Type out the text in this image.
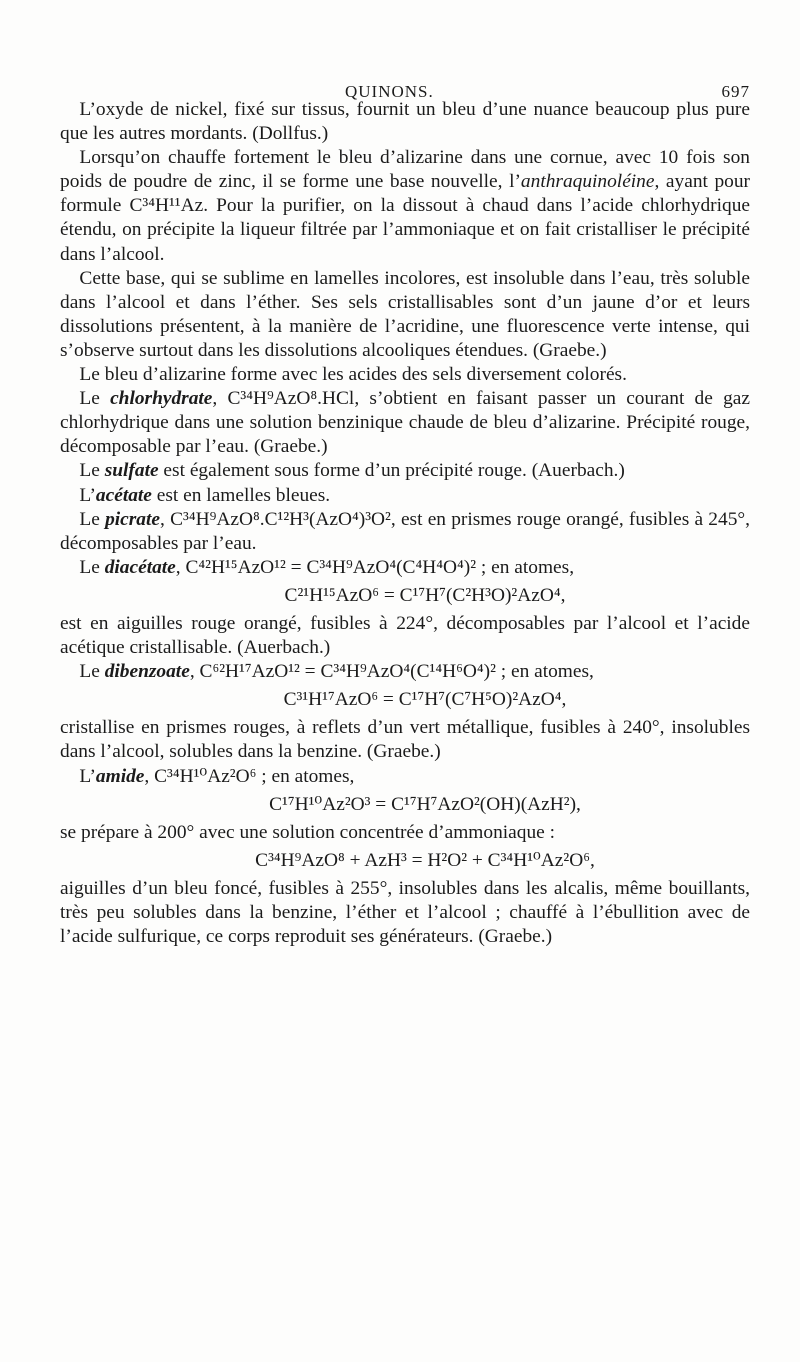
QUINONS.	697

L’oxyde de nickel, fixé sur tissus, fournit un bleu d’une nuance beaucoup plus pure que les autres mordants. (Dollfus.)

Lorsqu’on chauffe fortement le bleu d’alizarine dans une cornue, avec 10 fois son poids de poudre de zinc, il se forme une base nouvelle, l’anthraquinoléine, ayant pour formule C³⁴H¹¹Az. Pour la purifier, on la dissout à chaud dans l’acide chlorhydrique étendu, on précipite la liqueur filtrée par l’ammoniaque et on fait cristalliser le précipité dans l’alcool.

Cette base, qui se sublime en lamelles incolores, est insoluble dans l’eau, très soluble dans l’alcool et dans l’éther. Ses sels cristallisables sont d’un jaune d’or et leurs dissolutions présentent, à la manière de l’acridine, une fluorescence verte intense, qui s’observe surtout dans les dissolutions alcooliques étendues. (Graebe.)

Le bleu d’alizarine forme avec les acides des sels diversement colorés.

Le chlorhydrate, C³⁴H⁹AzO⁸.HCl, s’obtient en faisant passer un courant de gaz chlorhydrique dans une solution benzinique chaude de bleu d’alizarine. Précipité rouge, décomposable par l’eau. (Graebe.)

Le sulfate est également sous forme d’un précipité rouge. (Auerbach.)

L’acétate est en lamelles bleues.

Le picrate, C³⁴H⁹AzO⁸.C¹²H³(AzO⁴)³O², est en prismes rouge orangé, fusibles à 245°, décomposables par l’eau.

Le diacétate, C⁴²H¹⁵AzO¹² = C³⁴H⁹AzO⁴(C⁴H⁴O⁴)² ; en atomes,

C²¹H¹⁵AzO⁶ = C¹⁷H⁷(C²H³O)²AzO⁴,

est en aiguilles rouge orangé, fusibles à 224°, décomposables par l’alcool et l’acide acétique cristallisable. (Auerbach.)

Le dibenzoate, C⁶²H¹⁷AzO¹² = C³⁴H⁹AzO⁴(C¹⁴H⁶O⁴)² ; en atomes,

C³¹H¹⁷AzO⁶ = C¹⁷H⁷(C⁷H⁵O)²AzO⁴,

cristallise en prismes rouges, à reflets d’un vert métallique, fusibles à 240°, insolubles dans l’alcool, solubles dans la benzine. (Graebe.)

L’amide, C³⁴H¹⁰Az²O⁶ ; en atomes,

C¹⁷H¹⁰Az²O³ = C¹⁷H⁷AzO²(OH)(AzH²),

se prépare à 200° avec une solution concentrée d’ammoniaque :

C³⁴H⁹AzO⁸ + AzH³ = H²O² + C³⁴H¹⁰Az²O⁶,

aiguilles d’un bleu foncé, fusibles à 255°, insolubles dans les alcalis, même bouillants, très peu solubles dans la benzine, l’éther et l’alcool ; chauffé à l’ébullition avec de l’acide sulfurique, ce corps reproduit ses générateurs. (Graebe.)
